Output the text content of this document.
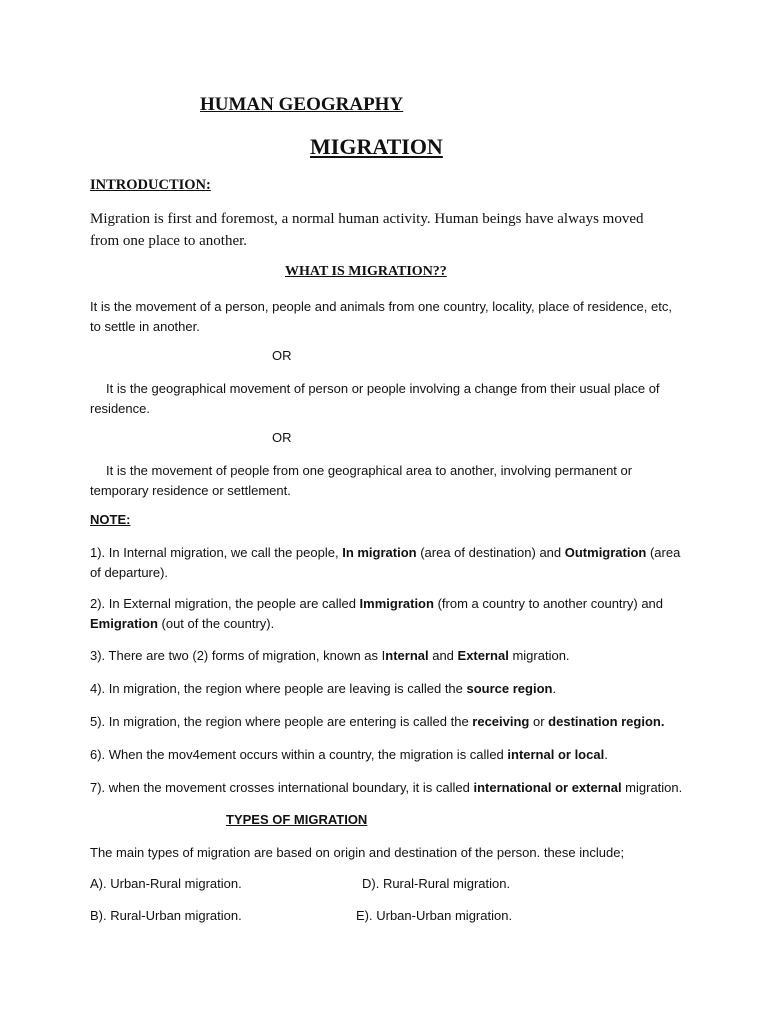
HUMAN GEOGRAPHY
MIGRATION
INTRODUCTION:
Migration is first and foremost, a normal human activity. Human beings have always moved from one place to another.
WHAT IS MIGRATION??
It is the movement of a person, people and animals from one country, locality, place of residence, etc, to settle in another.
OR
It is the geographical movement of person or people involving a change from their usual place of residence.
OR
It is the movement of people from one geographical area to another, involving permanent or temporary residence or settlement.
NOTE:
1). In Internal migration, we call the people, In migration (area of destination) and Outmigration (area of departure).
2). In External migration, the people are called Immigration (from a country to another country) and Emigration (out of the country).
3). There are two (2) forms of migration, known as Internal and External migration.
4). In migration, the region where people are leaving is called the source region.
5). In migration, the region where people are entering is called the receiving or destination region.
6). When the mov4ement occurs within a country, the migration is called internal or local.
7). when the movement crosses international boundary, it is called international or external migration.
TYPES OF MIGRATION
The main types of migration are based on origin and destination of the person. these include;
A). Urban-Rural migration.	D). Rural-Rural migration.
B). Rural-Urban migration.	E). Urban-Urban migration.
